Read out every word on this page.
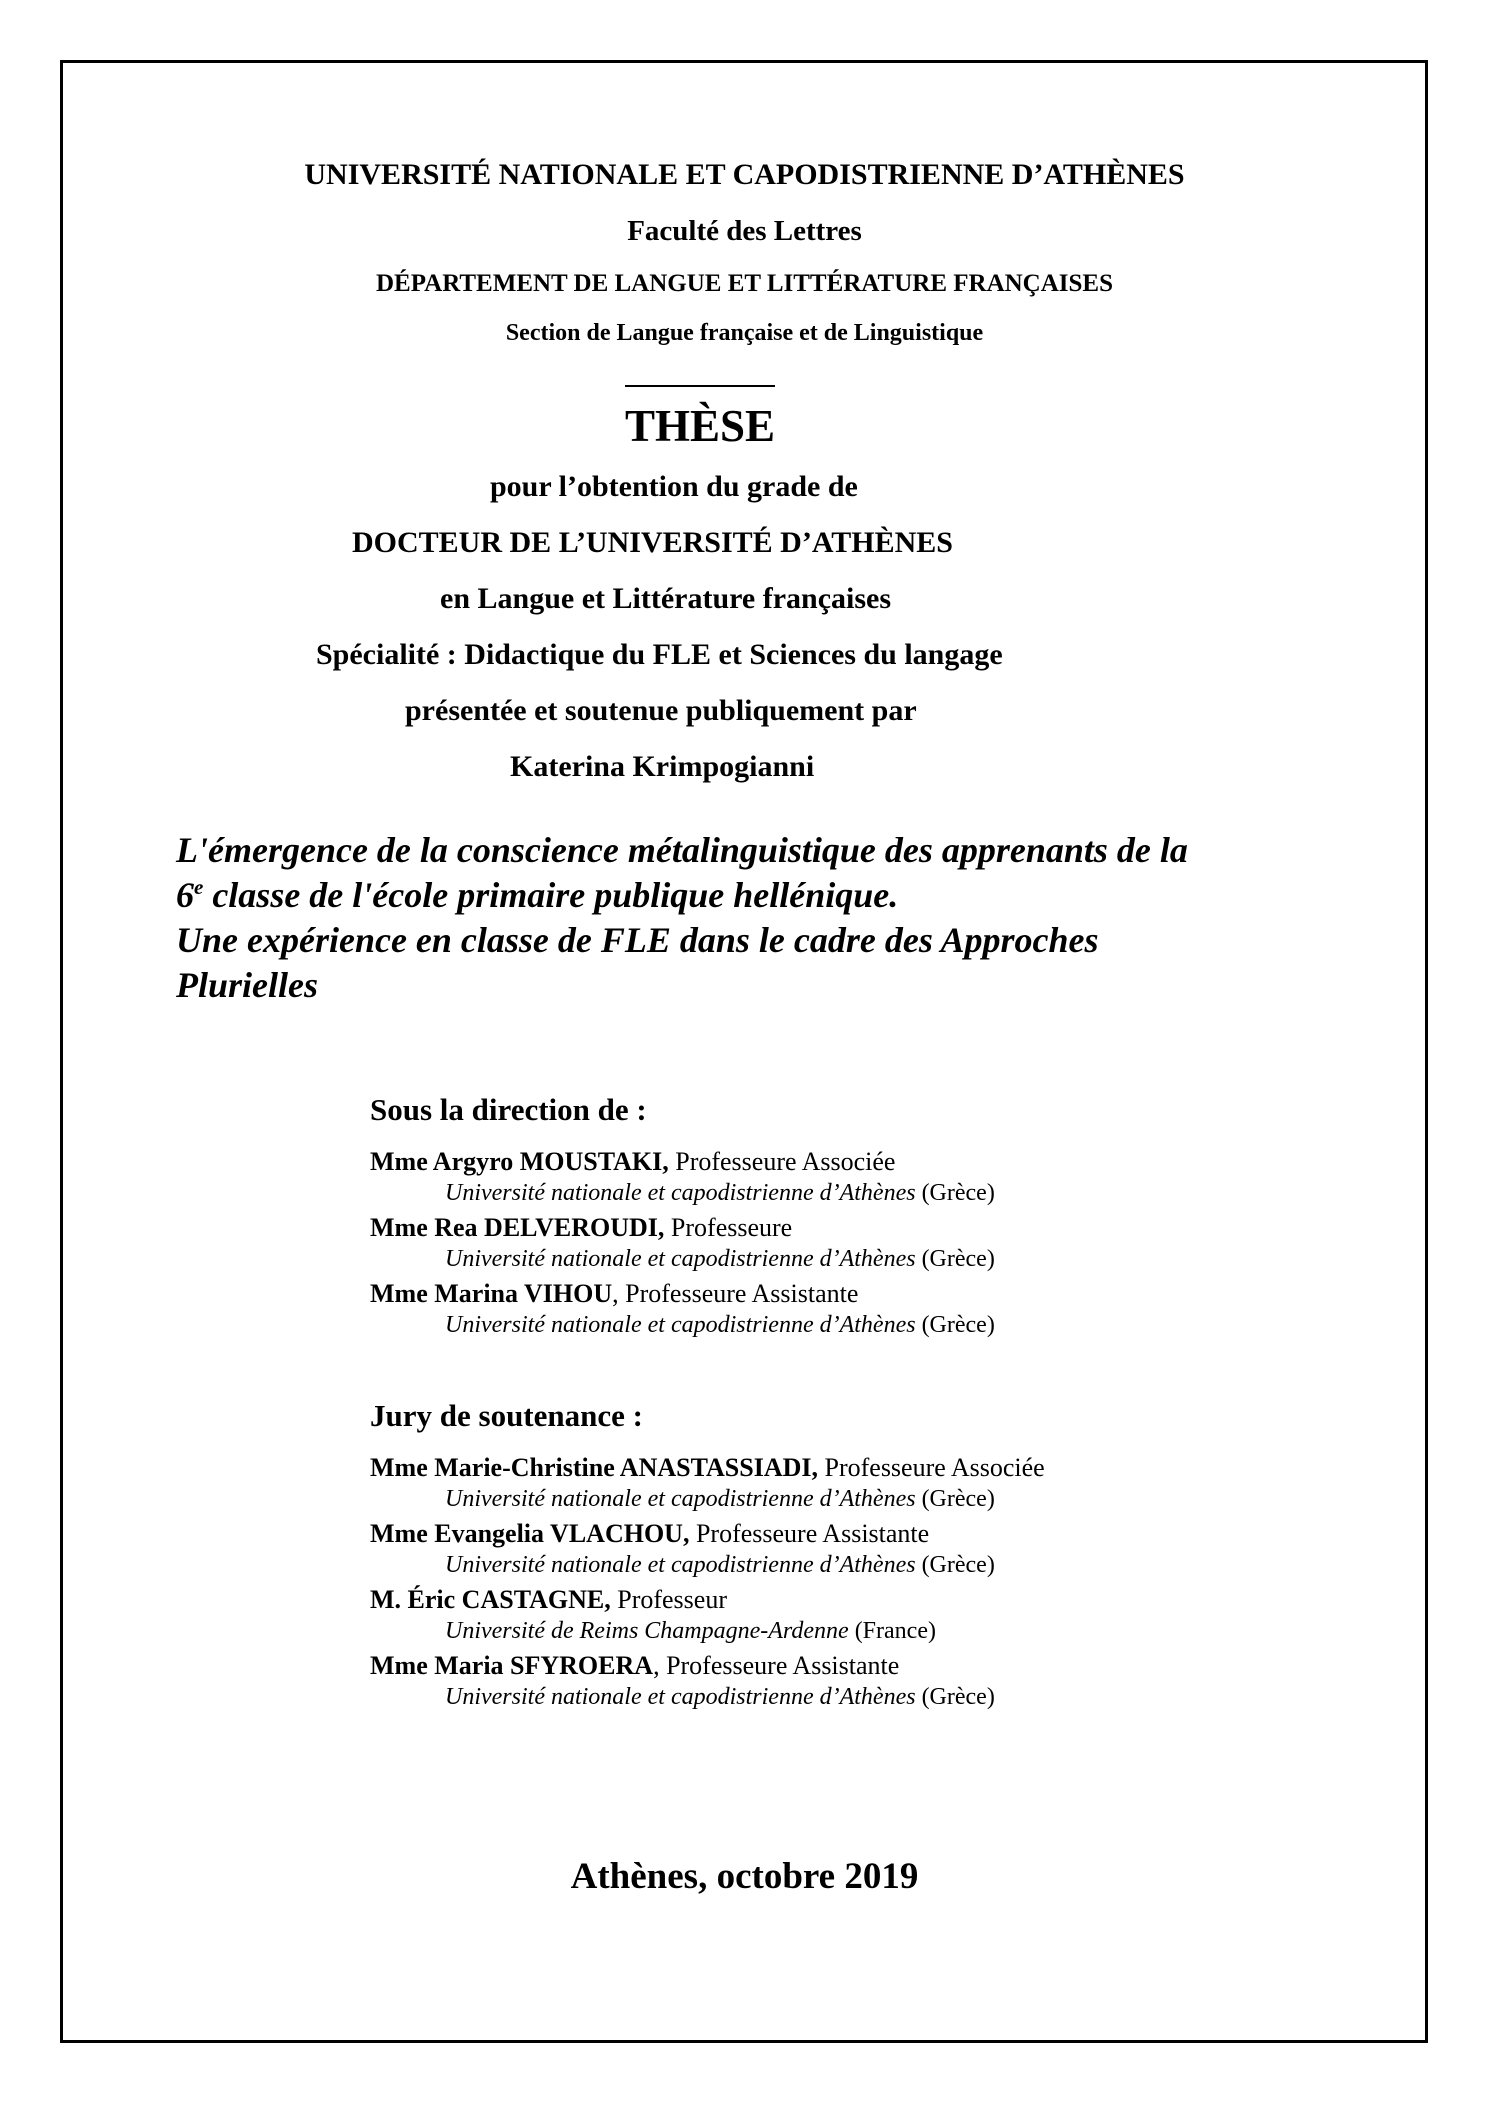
UNIVERSITÉ NATIONALE ET CAPODISTRIENNE D’ATHÈNES
Faculté des Lettres
DÉPARTEMENT DE LANGUE ET LITTÉRATURE FRANÇAISES
Section de Langue française et de Linguistique
THÈSE
pour l’obtention du grade de
DOCTEUR DE L’UNIVERSITÉ D’ATHÈNES
en Langue et Littérature françaises
Spécialité : Didactique du FLE et Sciences du langage
présentée et soutenue publiquement par
Katerina Krimpogianni
L'émergence de la conscience métalinguistique des apprenants de la
6e classe de l'école primaire publique hellénique.
Une expérience en classe de FLE dans le cadre des Approches
Plurielles
Sous la direction de :
Mme Argyro MOUSTAKI, Professeure Associée
Université nationale et capodistrienne d’Athènes (Grèce)
Mme Rea DELVEROUDI, Professeure
Université nationale et capodistrienne d’Athènes (Grèce)
Mme Marina VIHOU, Professeure Assistante
Université nationale et capodistrienne d’Athènes (Grèce)
Jury de soutenance :
Mme Marie-Christine ANASTASSIADI, Professeure Associée
Université nationale et capodistrienne d’Athènes (Grèce)
Mme Evangelia VLACHOU, Professeure Assistante
Université nationale et capodistrienne d’Athènes (Grèce)
M. Éric CASTAGNE, Professeur
Université de Reims Champagne-Ardenne (France)
Mme Maria SFYROERA, Professeure Assistante
Université nationale et capodistrienne d’Athènes (Grèce)
Athènes, octobre 2019
